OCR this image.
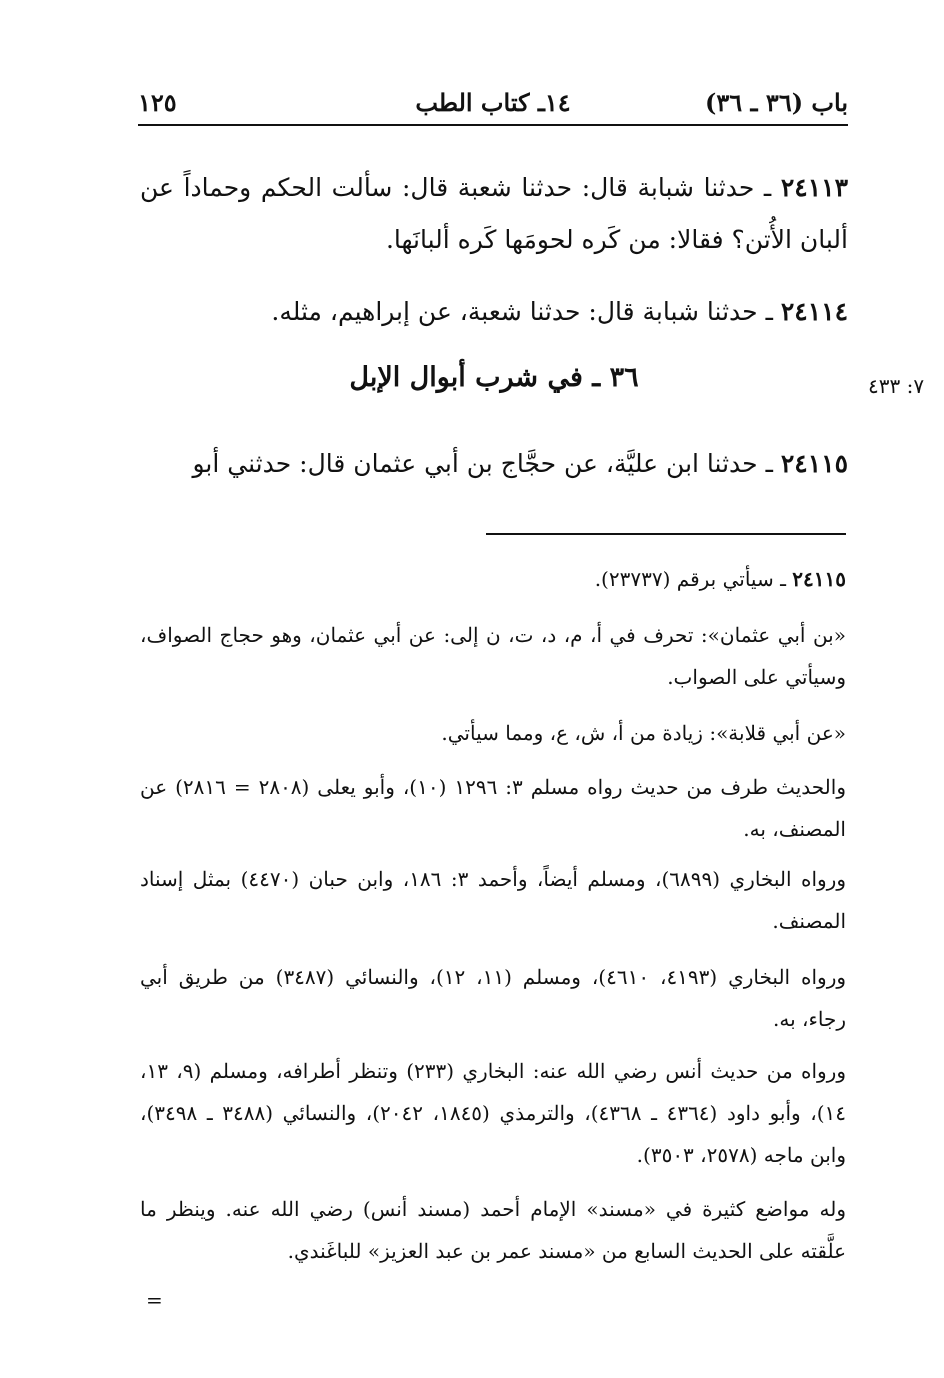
١٢٥	١٤ـ كتاب الطب	باب (٣٦ ـ ٣٦)
٢٤١١٣ ـ حدثنا شبابة قال: حدثنا شعبة قال: سألت الحكم وحماداً عن ألبان الأُتن؟ فقالا: من كَره لحومَها كَره ألبانَها.
٢٤١١٤ ـ حدثنا شبابة قال: حدثنا شعبة، عن إبراهيم، مثله.
٧: ٤٣٣
٣٦ ـ في شرب أبوال الإبل
٢٤١١٥ ـ حدثنا ابن عليَّة، عن حجَّاج بن أبي عثمان قال: حدثني أبو
٢٤١١٥ ـ سيأتي برقم (٢٣٧٣٧).
«بن أبي عثمان»: تحرف في أ، م، د، ت، ن إلى: عن أبي عثمان، وهو حجاج الصواف، وسيأتي على الصواب.
«عن أبي قلابة»: زيادة من أ، ش، ع، ومما سيأتي.
والحديث طرف من حديث رواه مسلم ٣: ١٢٩٦ (١٠)، وأبو يعلى (٢٨٠٨ = ٢٨١٦) عن المصنف، به.
ورواه البخاري (٦٨٩٩)، ومسلم أيضاً، وأحمد ٣: ١٨٦، وابن حبان (٤٤٧٠) بمثل إسناد المصنف.
ورواه البخاري (٤١٩٣، ٤٦١٠)، ومسلم (١١، ١٢)، والنسائي (٣٤٨٧) من طريق أبي رجاء، به.
ورواه من حديث أنس رضي الله عنه: البخاري (٢٣٣) وتنظر أطرافه، ومسلم (٩، ١٣، ١٤)، وأبو داود (٤٣٦٤ ـ ٤٣٦٨)، والترمذي (١٨٤٥، ٢٠٤٢)، والنسائي (٣٤٨٨ ـ ٣٤٩٨)، وابن ماجه (٢٥٧٨، ٣٥٠٣).
وله مواضع كثيرة في «مسند» الإمام أحمد (مسند أنس) رضي الله عنه. وينظر ما علَّقته على الحديث السابع من «مسند عمر بن عبد العزيز» للباغَندي.
=
